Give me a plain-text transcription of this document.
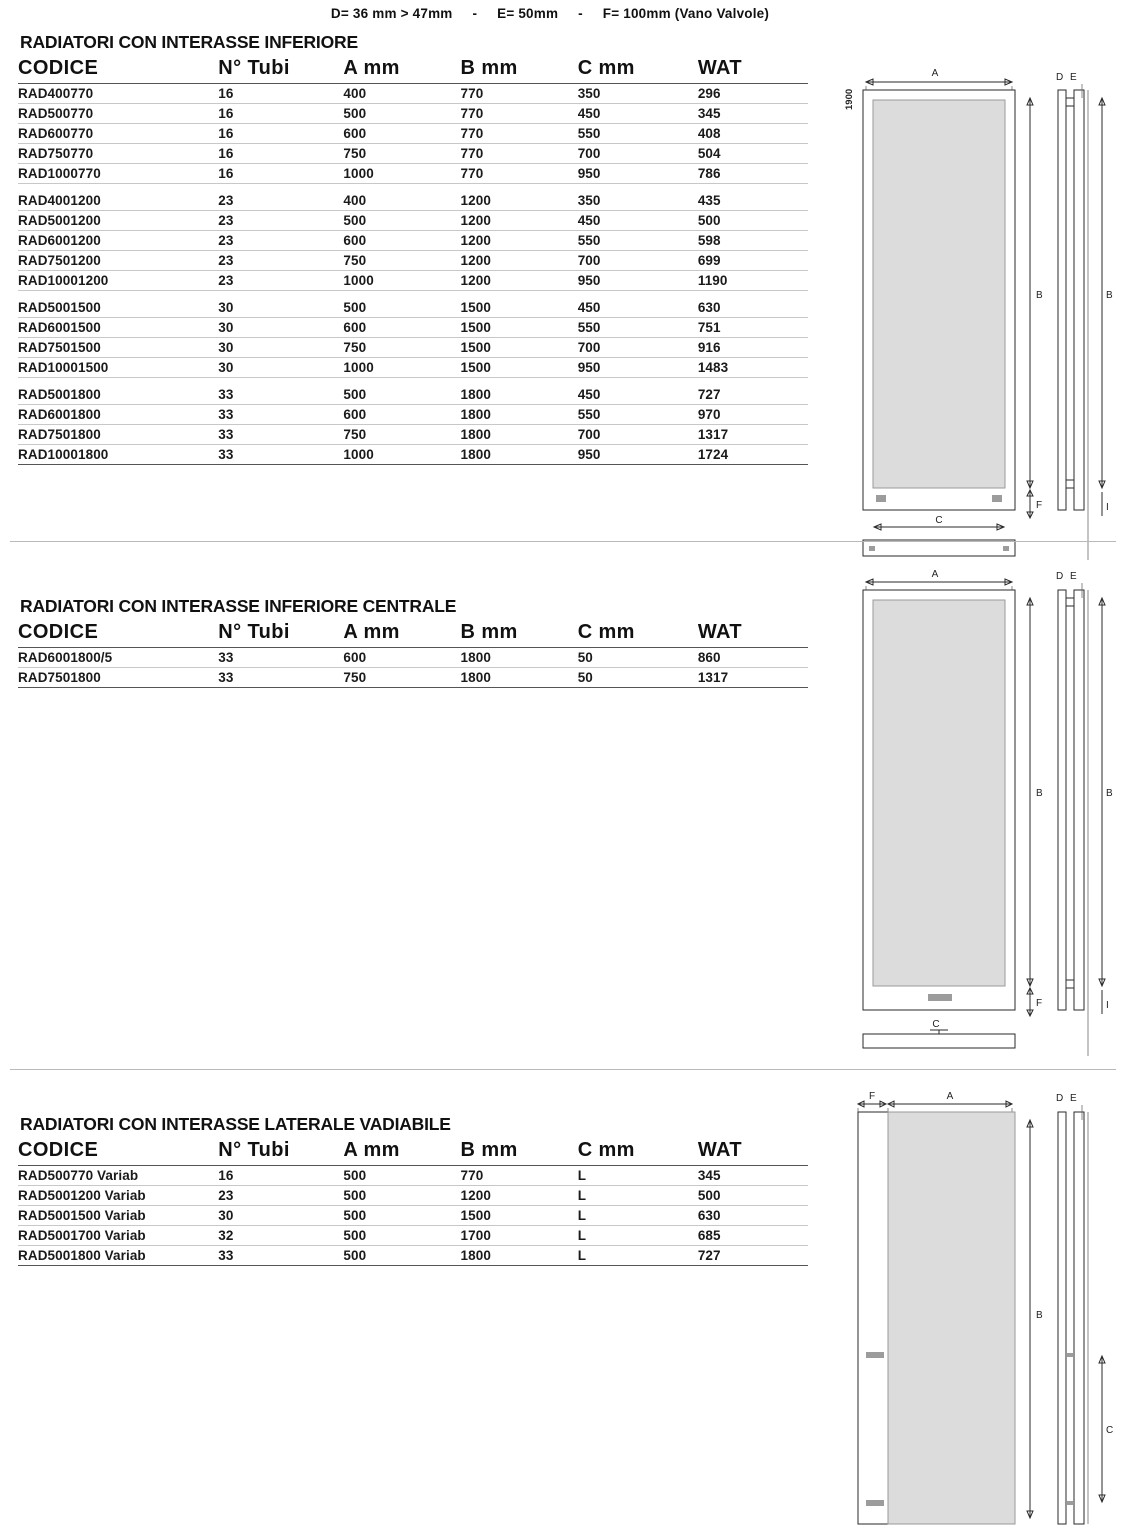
D= 36 mm > 47mm - E= 50mm - F= 100mm (Vano Valvole)
RADIATORI CON INTERASSE INFERIORE
CODICE	N° Tubi	A mm	B mm	C mm	WAT
RAD400770	16	400	770	350	296
RAD500770	16	500	770	450	345
RAD600770	16	600	770	550	408
RAD750770	16	750	770	700	504
RAD1000770	16	1000	770	950	786
RAD4001200	23	400	1200	350	435
RAD5001200	23	500	1200	450	500
RAD6001200	23	600	1200	550	598
RAD7501200	23	750	1200	700	699
RAD10001200	23	1000	1200	950	1190
RAD5001500	30	500	1500	450	630
RAD6001500	30	600	1500	550	751
RAD7501500	30	750	1500	700	916
RAD10001500	30	1000	1500	950	1483
RAD5001800	33	500	1800	450	727
RAD6001800	33	600	1800	550	970
RAD7501800	33	750	1800	700	1317
RAD10001800	33	1000	1800	950	1724
A
1900
B
F
C
D E
B
I
RADIATORI CON INTERASSE INFERIORE CENTRALE
CODICE	N° Tubi	A mm	B mm	C mm	WAT
RAD6001800/5	33	600	1800	50	860
RAD7501800	33	750	1800	50	1317
A
B
F
C
D E
B
I
RADIATORI CON INTERASSE LATERALE VADIABILE
CODICE	N° Tubi	A mm	B mm	C mm	WAT
RAD500770 Variab	16	500	770	L	345
RAD5001200 Variab	23	500	1200	L	500
RAD5001500 Variab	30	500	1500	L	630
RAD5001700 Variab	32	500	1700	L	685
RAD5001800 Variab	33	500	1800	L	727
F	A
B
D E
C
